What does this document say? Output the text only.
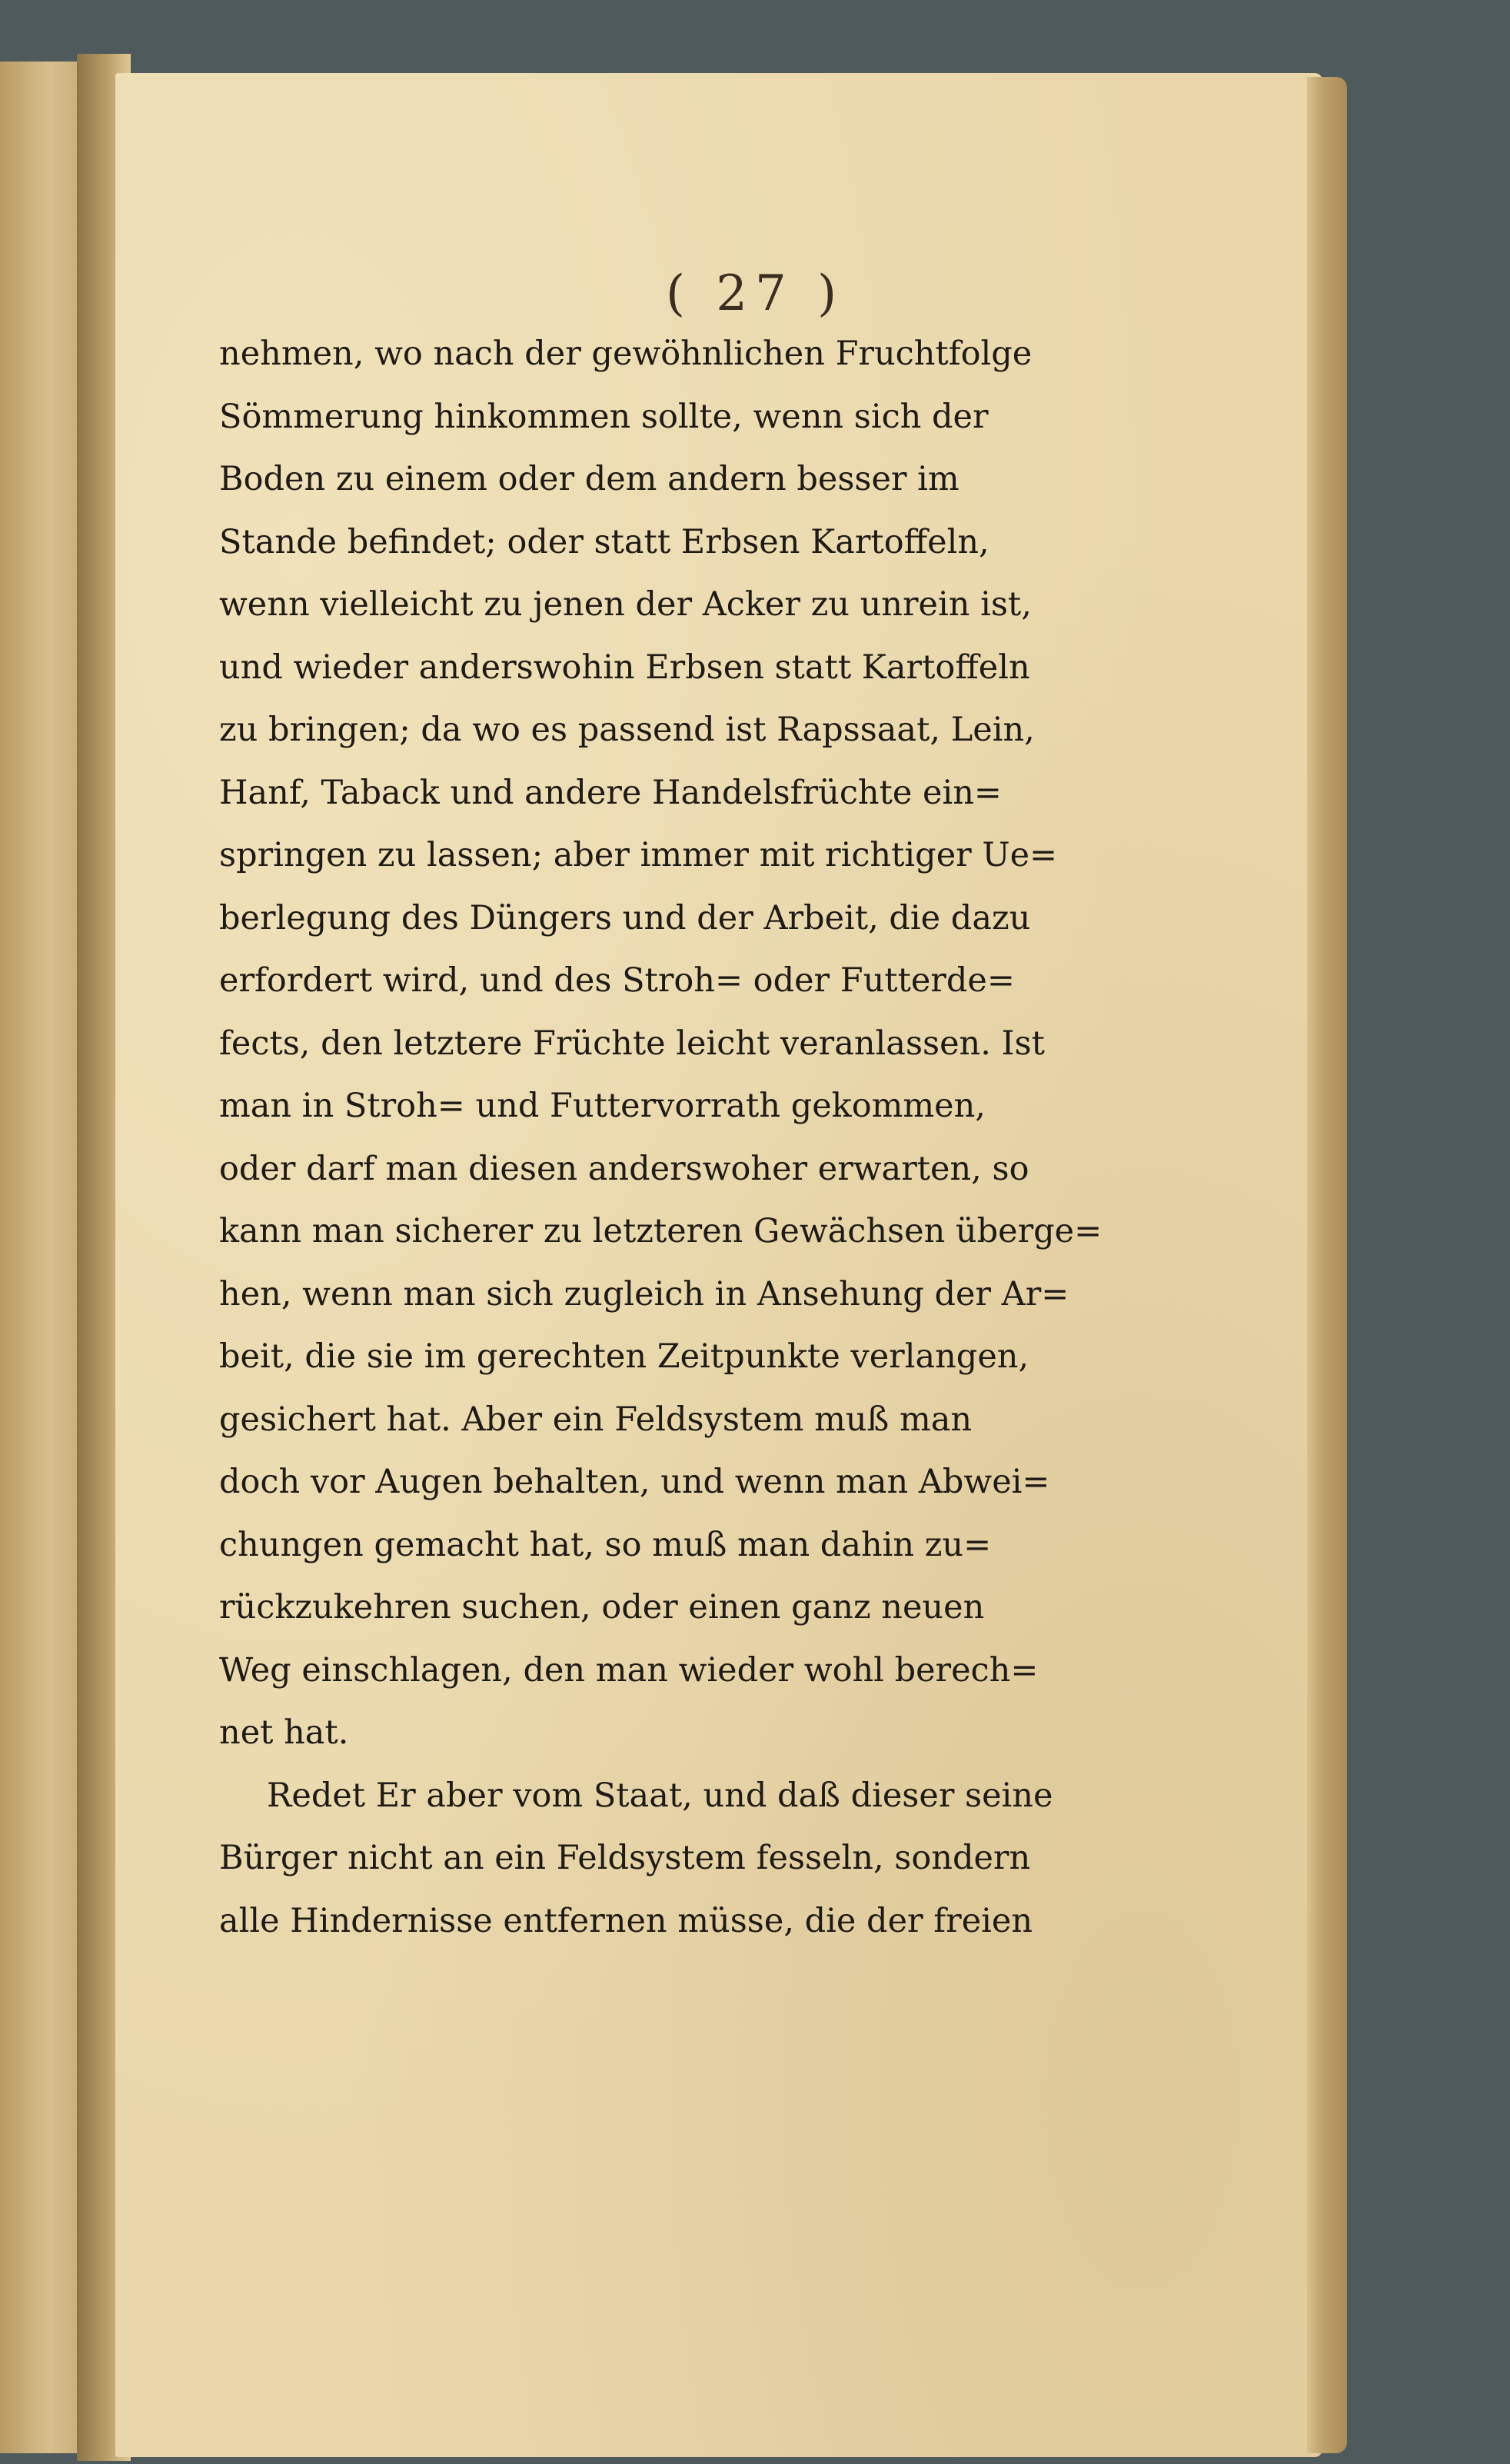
( 27 )
nehmen, wo nach der gewöhnlichen Fruchtfolge
Sömmerung hinkommen sollte, wenn sich der
Boden zu einem oder dem andern besser im
Stande befindet; oder statt Erbsen Kartoffeln,
wenn vielleicht zu jenen der Acker zu unrein ist,
und wieder anderswohin Erbsen statt Kartoffeln
zu bringen; da wo es passend ist Rapssaat, Lein,
Hanf, Taback und andere Handelsfrüchte ein=
springen zu lassen; aber immer mit richtiger Ue=
berlegung des Düngers und der Arbeit, die dazu
erfordert wird, und des Stroh= oder Futterde=
fects, den letztere Früchte leicht veranlassen. Ist
man in Stroh= und Futtervorrath gekommen,
oder darf man diesen anderswoher erwarten, so
kann man sicherer zu letzteren Gewächsen überge=
hen, wenn man sich zugleich in Ansehung der Ar=
beit, die sie im gerechten Zeitpunkte verlangen,
gesichert hat. Aber ein Feldsystem muß man
doch vor Augen behalten, und wenn man Abwei=
chungen gemacht hat, so muß man dahin zu=
rückzukehren suchen, oder einen ganz neuen
Weg einschlagen, den man wieder wohl berech=
net hat.
Redet Er aber vom Staat, und daß dieser seine
Bürger nicht an ein Feldsystem fesseln, sondern
alle Hindernisse entfernen müsse, die der freien
